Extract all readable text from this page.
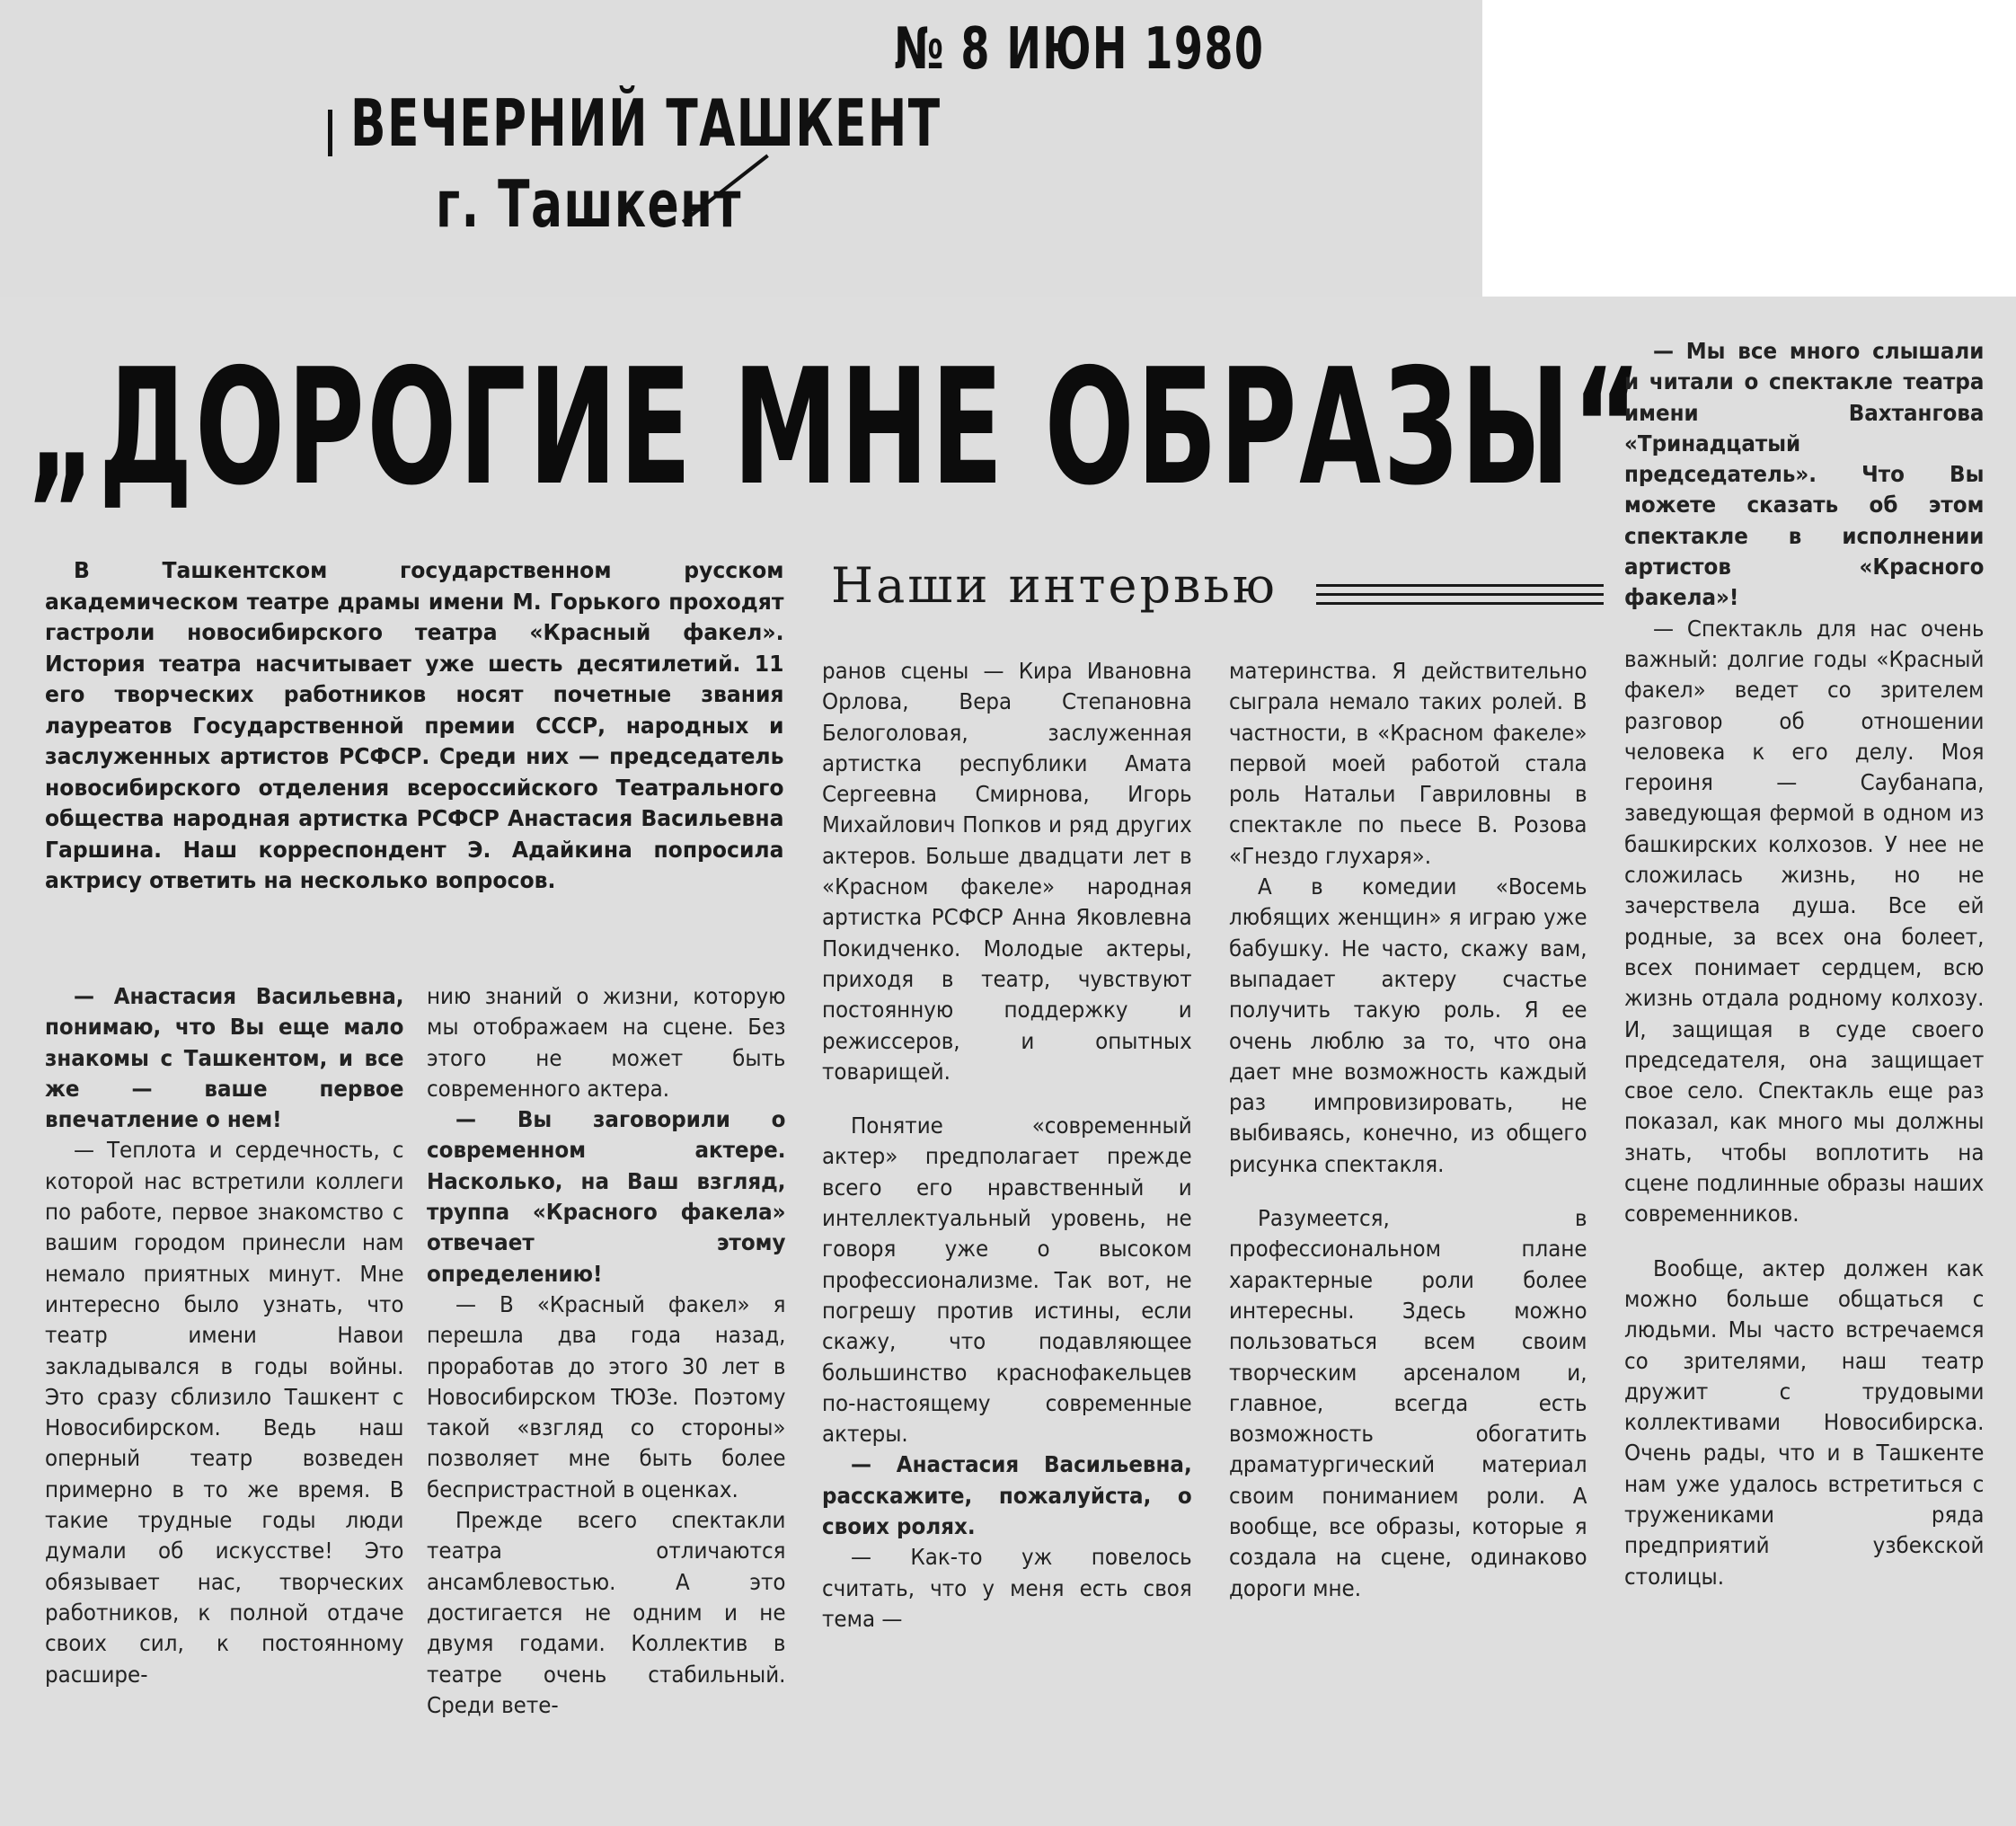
№ 8 ИЮН 1980
ВЕЧЕРНИЙ ТАШКЕНТ
г. Ташкент
„ДОРОГИЕ МНЕ ОБРАЗЫ“
Наши интервью

В Ташкентском государственном русском академическом театре драмы имени М. Горького проходят гастроли новосибирского театра «Красный факел». История театра насчитывает уже шесть десятилетий. 11 его творческих работников носят почетные звания лауреатов Государственной премии СССР, народных и заслуженных артистов РСФСР. Среди них — председатель новосибирского отделения всероссийского Театрального общества народная артистка РСФСР Анастасия Васильевна Гаршина. Наш корреспондент Э. Адайкина попросила актрису ответить на несколько вопросов.

— Анастасия Васильевна, понимаю, что Вы еще мало знакомы с Ташкентом, и все же — ваше первое впечатление о нем!

— Теплота и сердечность, с которой нас встретили коллеги по работе, первое знакомство с вашим городом принесли нам немало приятных минут. Мне интересно было узнать, что театр имени Навои закладывался в годы войны. Это сразу сблизило Ташкент с Новосибирском. Ведь наш оперный театр возведен примерно в то же время. В такие трудные годы люди думали об искусстве! Это обязывает нас, творческих работников, к полной отдаче своих сил, к постоянному расшире-

нию знаний о жизни, которую мы отображаем на сцене. Без этого не может быть современного актера.

— Вы заговорили о современном актере. Насколько, на Ваш взгляд, труппа «Красного факела» отвечает этому определению!

— В «Красный факел» я перешла два года назад, проработав до этого 30 лет в Новосибирском ТЮЗе. Поэтому такой «взгляд со стороны» позволяет мне быть более беспристрастной в оценках.

Прежде всего спектакли театра отличаются ансамблевостью. А это достигается не одним и не двумя годами. Коллектив в театре очень стабильный. Среди вете-

ранов сцены — Кира Ивановна Орлова, Вера Степановна Белоголовая, заслуженная артистка республики Амата Сергеевна Смирнова, Игорь Михайлович Попков и ряд других актеров. Больше двадцати лет в «Красном факеле» народная артистка РСФСР Анна Яковлевна Покидченко. Молодые актеры, приходя в театр, чувствуют постоянную поддержку и режиссеров, и опытных товарищей.

Понятие «современный актер» предполагает прежде всего его нравственный и интеллектуальный уровень, не говоря уже о высоком профессионализме. Так вот, не погрешу против истины, если скажу, что подавляющее большинство краснофакельцев по-настоящему современные актеры.

— Анастасия Васильевна, расскажите, пожалуйста, о своих ролях.

— Как-то уж повелось считать, что у меня есть своя тема —

материнства. Я действительно сыграла немало таких ролей. В частности, в «Красном факеле» первой моей работой стала роль Натальи Гавриловны в спектакле по пьесе В. Розова «Гнездо глухаря».

А в комедии «Восемь любящих женщин» я играю уже бабушку. Не часто, скажу вам, выпадает актеру счастье получить такую роль. Я ее очень люблю за то, что она дает мне возможность каждый раз импровизировать, не выбиваясь, конечно, из общего рисунка спектакля.

Разумеется, в профессиональном плане характерные роли более интересны. Здесь можно пользоваться всем своим творческим арсеналом и, главное, всегда есть возможность обогатить драматургический материал своим пониманием роли. А вообще, все образы, которые я создала на сцене, одинаково дороги мне.

— Мы все много слышали и читали о спектакле театра имени Вахтангова «Тринадцатый председатель». Что Вы можете сказать об этом спектакле в исполнении артистов «Красного факела»!

— Спектакль для нас очень важный: долгие годы «Красный факел» ведет со зрителем разговор об отношении человека к его делу. Моя героиня — Саубанапа, заведующая фермой в одном из башкирских колхозов. У нее не сложилась жизнь, но не зачерствела душа. Все ей родные, за всех она болеет, всех понимает сердцем, всю жизнь отдала родному колхозу. И, защищая в суде своего председателя, она защищает свое село. Спектакль еще раз показал, как много мы должны знать, чтобы воплотить на сцене подлинные образы наших современников.

Вообще, актер должен как можно больше общаться с людьми. Мы часто встречаемся со зрителями, наш театр дружит с трудовыми коллективами Новосибирска. Очень рады, что и в Ташкенте нам уже удалось встретиться с тружениками ряда предприятий узбекской столицы.
